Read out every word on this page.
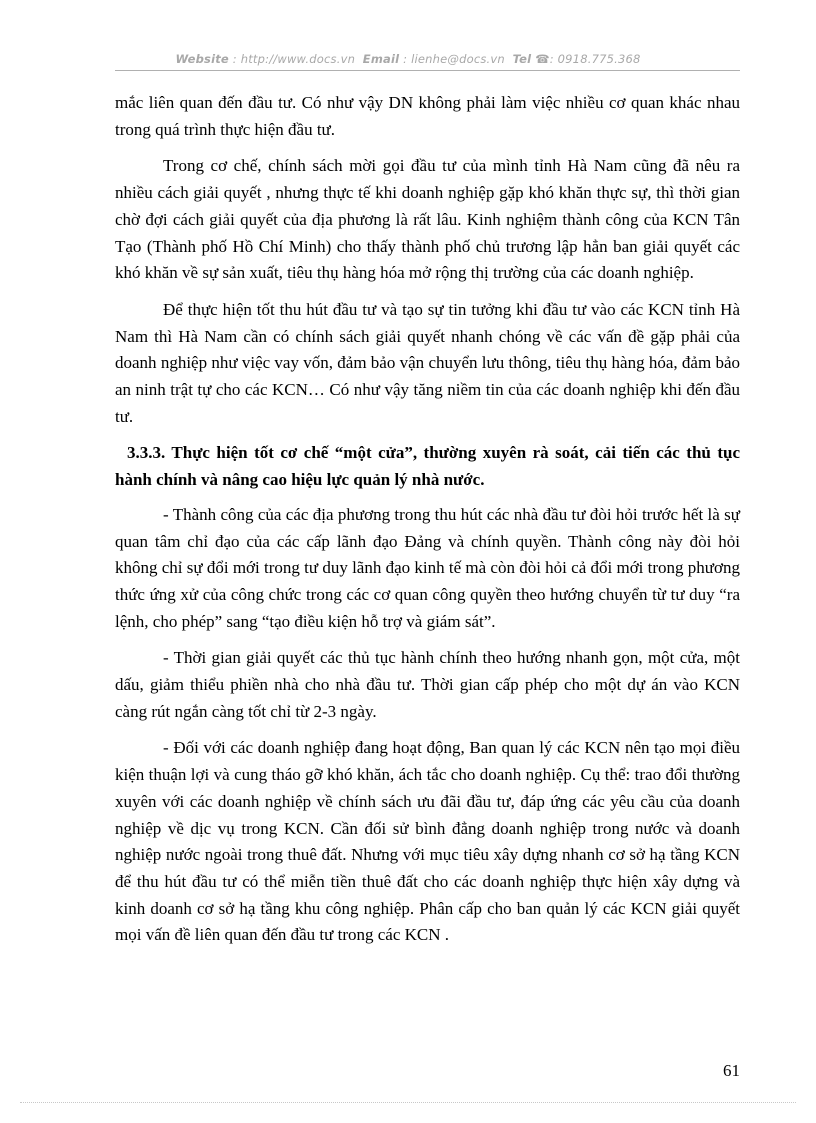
Website : http://www.docs.vn Email : lienhe@docs.vn Tel ☎: 0918.775.368

mắc liên quan đến đầu tư. Có như vậy DN không phải làm việc nhiều cơ quan khác nhau trong quá trình thực hiện đầu tư.

Trong cơ chế, chính sách mời gọi đầu tư của mình tỉnh Hà Nam cũng đã nêu ra nhiều cách giải quyết , nhưng thực tế khi doanh nghiệp gặp khó khăn thực sự, thì thời gian chờ đợi cách giải quyết của địa phương là rất lâu. Kinh nghiệm thành công của KCN Tân Tạo (Thành phố Hồ Chí Minh) cho thấy thành phố chủ trương lập hẳn ban giải quyết các khó khăn về sự sản xuất, tiêu thụ hàng hóa mở rộng thị trường của các doanh nghiệp.

Để thực hiện tốt thu hút đầu tư và tạo sự tin tưởng khi đầu tư vào các KCN tỉnh Hà Nam thì Hà Nam cần có chính sách giải quyết nhanh chóng về các vấn đề gặp phải của doanh nghiệp như việc vay vốn, đảm bảo vận chuyển lưu thông, tiêu thụ hàng hóa, đảm bảo an ninh trật tự cho các KCN… Có như vậy tăng niềm tin của các doanh nghiệp khi đến đầu tư.

3.3.3. Thực hiện tốt cơ chế “một cửa”, thường xuyên rà soát, cải tiến các thủ tục hành chính và nâng cao hiệu lực quản lý nhà nước.

- Thành công của các địa phương trong thu hút các nhà đầu tư đòi hỏi trước hết là sự quan tâm chỉ đạo của các cấp lãnh đạo Đảng và chính quyền. Thành công này đòi hỏi không chỉ sự đổi mới trong tư duy lãnh đạo kinh tế mà còn đòi hỏi cả đổi mới trong phương thức ứng xử của công chức trong các cơ quan công quyền theo hướng chuyển từ tư duy “ra lệnh, cho phép” sang “tạo điều kiện hỗ trợ và giám sát”.

- Thời gian giải quyết các thủ tục hành chính theo hướng nhanh gọn, một cửa, một dấu, giảm thiểu phiền nhà cho nhà đầu tư. Thời gian cấp phép cho một dự án vào KCN càng rút ngắn càng tốt chỉ từ 2-3 ngày.

- Đối với các doanh nghiệp đang hoạt động, Ban quan lý các KCN nên tạo mọi điều kiện thuận lợi và cung tháo gỡ khó khăn, ách tắc cho doanh nghiệp. Cụ thể: trao đổi thường xuyên với các doanh nghiệp về chính sách ưu đãi đầu tư, đáp ứng các yêu cầu của doanh nghiệp về dịc vụ trong KCN. Cần đối sử bình đẳng doanh nghiệp trong nước và doanh nghiệp nước ngoài trong thuê đất. Nhưng với mục tiêu xây dựng nhanh cơ sở hạ tầng KCN để thu hút đầu tư có thể miễn tiền thuê đất cho các doanh nghiệp thực hiện xây dựng và kinh doanh cơ sở hạ tầng khu công nghiệp. Phân cấp cho ban quản lý các KCN giải quyết mọi vấn đề liên quan đến đầu tư trong các KCN .

61
